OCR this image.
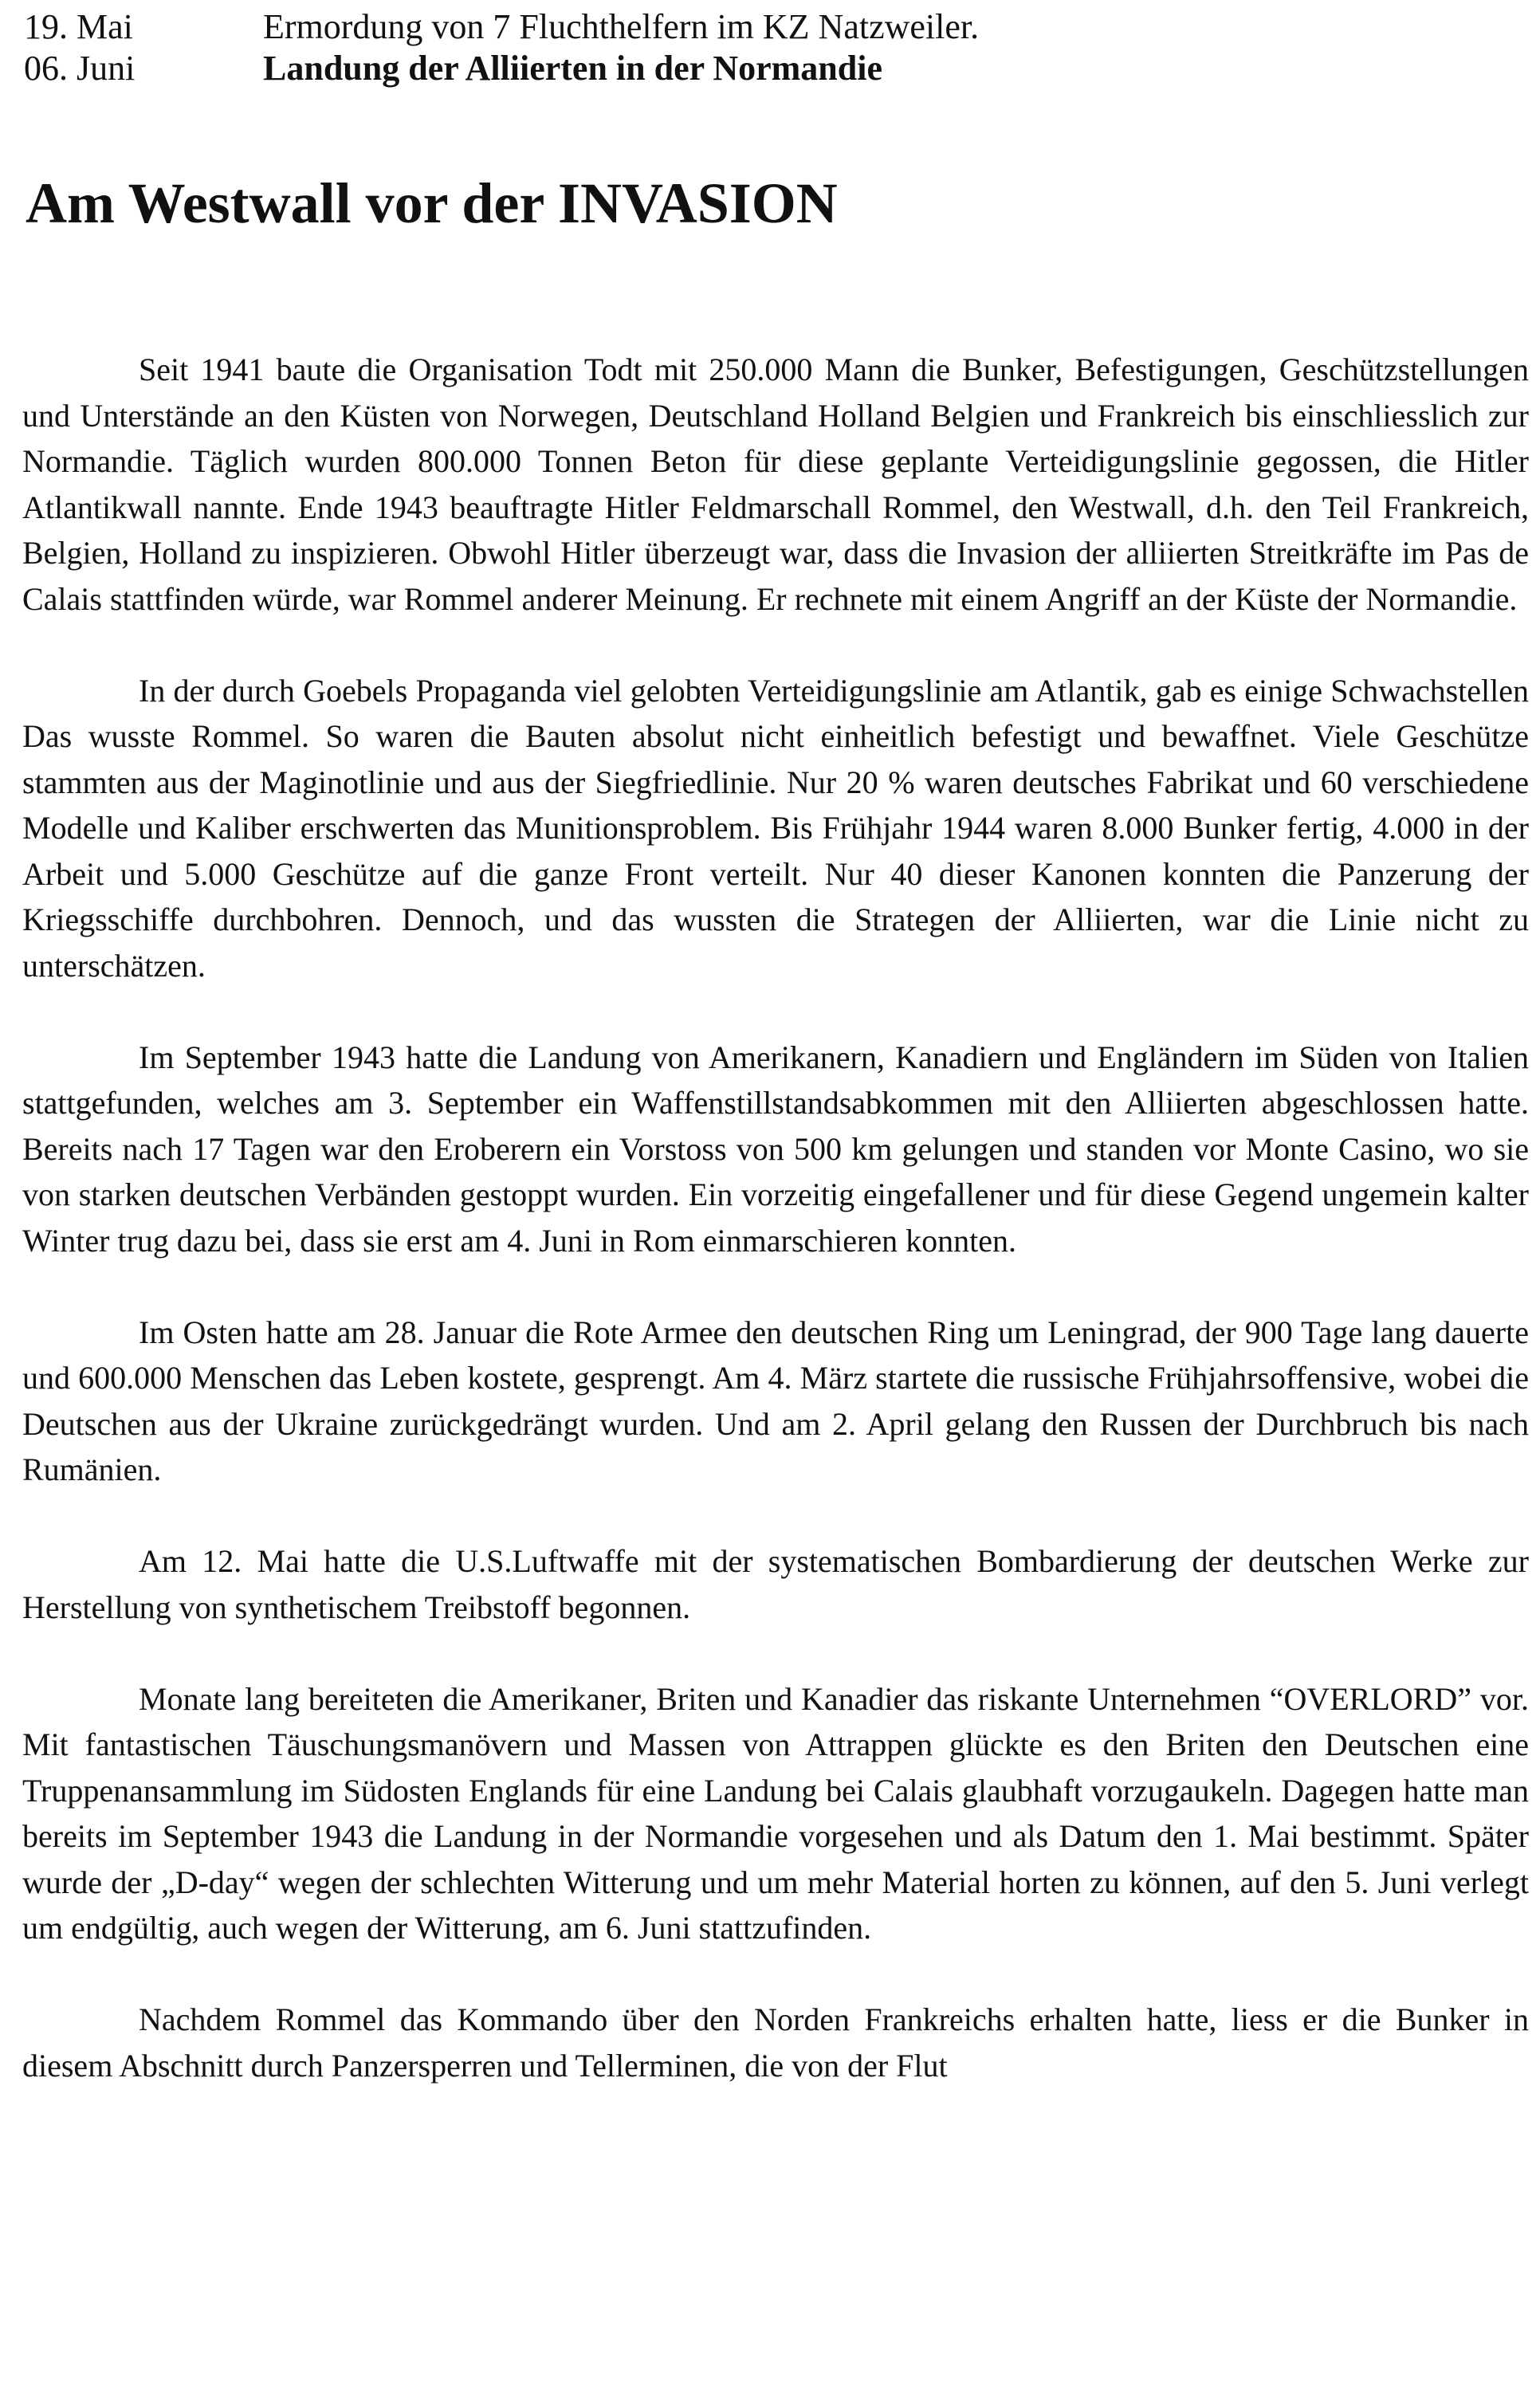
19. Mai	Ermordung von 7 Fluchthelfern im KZ Natzweiler.
06. Juni	Landung der Alliierten in der Normandie
Am Westwall vor der INVASION

Seit 1941 baute die Organisation Todt mit 250.000 Mann die Bunker, Befestigungen, Geschützstellungen und Unterstände an den Küsten von Norwegen, Deutschland Holland Belgien und Frankreich bis einschliesslich zur Normandie. Täglich wurden 800.000 Tonnen Beton für diese geplante Verteidigungslinie gegossen, die Hitler Atlantikwall nannte. Ende 1943 beauftragte Hitler Feldmarschall Rommel, den Westwall, d.h. den Teil Frankreich, Belgien, Holland zu inspizieren. Obwohl Hitler überzeugt war, dass die Invasion der alliierten Streitkräfte im Pas de Calais stattfinden würde, war Rommel anderer Meinung. Er rechnete mit einem Angriff an der Küste der Normandie.

In der durch Goebels Propaganda viel gelobten Verteidigungslinie am Atlantik, gab es einige Schwachstellen Das wusste Rommel. So waren die Bauten absolut nicht einheitlich befestigt und bewaffnet. Viele Geschütze stammten aus der Maginotlinie und aus der Siegfriedlinie. Nur 20 % waren deutsches Fabrikat und 60 verschiedene Modelle und Kaliber erschwerten das Munitionsproblem. Bis Frühjahr 1944 waren 8.000 Bunker fertig, 4.000 in der Arbeit und 5.000 Geschütze auf die ganze Front verteilt. Nur 40 dieser Kanonen konnten die Panzerung der Kriegsschiffe durchbohren. Dennoch, und das wussten die Strategen der Alliierten, war die Linie nicht zu unterschätzen.

Im September 1943 hatte die Landung von Amerikanern, Kanadiern und Engländern im Süden von Italien stattgefunden, welches am 3. September ein Waffenstillstandsabkommen mit den Alliierten abgeschlossen hatte. Bereits nach 17 Tagen war den Eroberern ein Vorstoss von 500 km gelungen und standen vor Monte Casino, wo sie von starken deutschen Verbänden gestoppt wurden. Ein vorzeitig eingefallener und für diese Gegend ungemein kalter Winter trug dazu bei, dass sie erst am 4. Juni in Rom einmarschieren konnten.

Im Osten hatte am 28. Januar die Rote Armee den deutschen Ring um Leningrad, der 900 Tage lang dauerte und 600.000 Menschen das Leben kostete, gesprengt. Am 4. März startete die russische Frühjahrsoffensive, wobei die Deutschen aus der Ukraine zurückgedrängt wurden. Und am 2. April gelang den Russen der Durchbruch bis nach Rumänien.

Am 12. Mai hatte die U.S.Luftwaffe mit der systematischen Bombardierung der deutschen Werke zur Herstellung von synthetischem Treibstoff begonnen.

Monate lang bereiteten die Amerikaner, Briten und Kanadier das riskante Unternehmen “OVERLORD” vor. Mit fantastischen Täuschungsmanövern und Massen von Attrappen glückte es den Briten den Deutschen eine Truppenansammlung im Südosten Englands für eine Landung bei Calais glaubhaft vorzugaukeln. Dagegen hatte man bereits im September 1943 die Landung in der Normandie vorgesehen und als Datum den 1. Mai bestimmt. Später wurde der „D-day“ wegen der schlechten Witterung und um mehr Material horten zu können, auf den 5. Juni verlegt um endgültig, auch wegen der Witterung, am 6. Juni stattzufinden.

Nachdem Rommel das Kommando über den Norden Frankreichs erhalten hatte, liess er die Bunker in diesem Abschnitt durch Panzersperren und Tellerminen, die von der Flut
